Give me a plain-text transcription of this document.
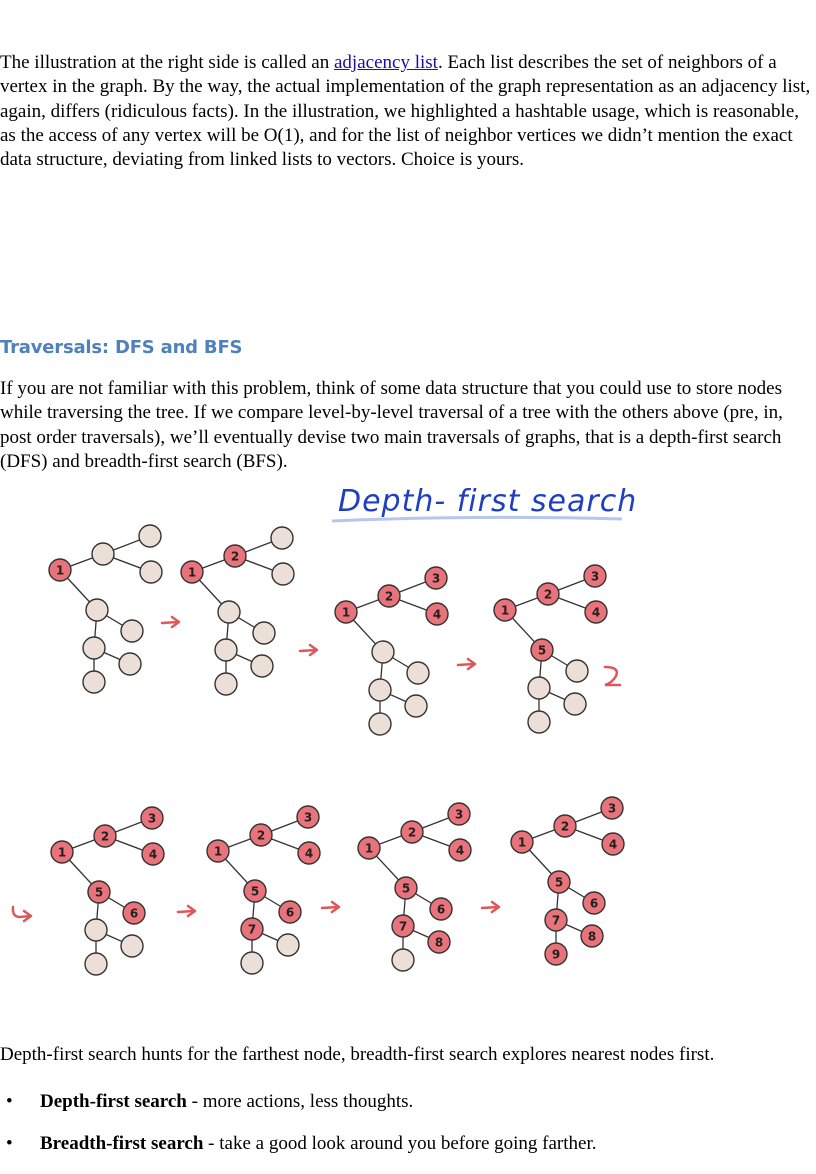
The illustration at the right side is called an adjacency list. Each list describes the set of neighbors of a vertex in the graph. By the way, the actual implementation of the graph representation as an adjacency list, again, differs (ridiculous facts). In the illustration, we highlighted a hashtable usage, which is reasonable, as the access of any vertex will be O(1), and for the list of neighbor vertices we didn’t mention the exact data structure, deviating from linked lists to vectors. Choice is yours.

Traversals: DFS and BFS

If you are not familiar with this problem, think of some data structure that you could use to store nodes while traversing the tree. If we compare level-by-level traversal of a tree with the others above (pre, in, post order traversals), we’ll eventually devise two main traversals of graphs, that is a depth-first search (DFS) and breadth-first search (BFS).

Depth- first search
1	1
2
1
2
3
4	1
2
3
4
5
1
2
3
4
5
6
1
2
3
4
5
6
7
1
2
3
4
5
6
7
8
1
2
3
4
5
6
7
8
9

Depth-first search hunts for the farthest node, breadth-first search explores nearest nodes first.

• Depth-first search - more actions, less thoughts.
• Breadth-first search - take a good look around you before going farther.
